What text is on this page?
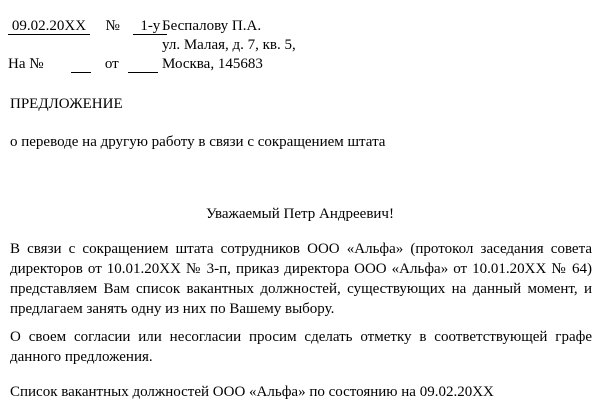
09.02.20ХХ № 1-у
На №	от
Беспалову П.А.
ул. Малая, д. 7, кв. 5,
Москва, 145683
ПРЕДЛОЖЕНИЕ
о переводе на другую работу в связи с сокращением штата
Уважаемый Петр Андреевич!
В связи с сокращением штата сотрудников ООО «Альфа» (протокол заседания совета директоров от 10.01.20ХХ № 3-п, приказ директора ООО «Альфа» от 10.01.20ХХ № 64) представляем Вам список вакантных должностей, существующих на данный момент, и предлагаем занять одну из них по Вашему выбору.
О своем согласии или несогласии просим сделать отметку в соответствующей графе данного предложения.
Список вакантных должностей ООО «Альфа» по состоянию на 09.02.20ХХ
